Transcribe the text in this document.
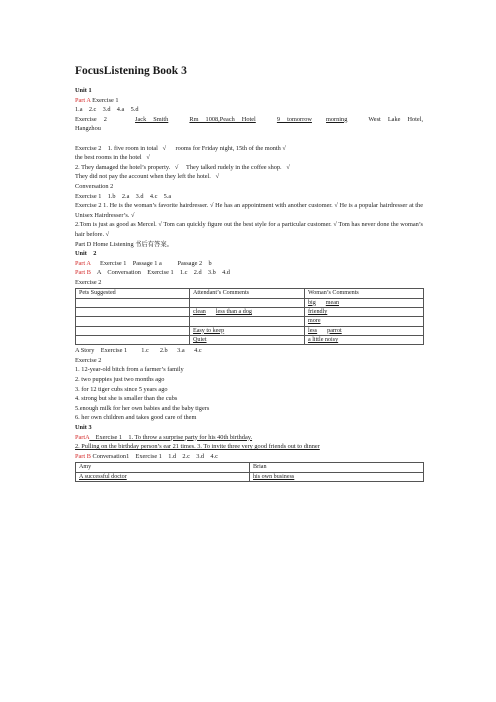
FocusListening Book 3
Unit 1
Part A Exercise 1
1.a    2.c    3.d    4.a    5.d
Exercise 2	Jack Smith	Rm 1008,Peach Hotel	9 tomorrow morning	West Lake Hotel,
Hangzhou

Exercise 2    1. five room in total   √      rooms for Friday night, 15th of the month √
the best rooms in the hotel   √
2. They damaged the hotel’s property.   √     They talked rudely in the coffee shop.   √
They did not pay the account when they left the hotel.   √
Conversation 2
Exercise 1    1.b    2.a    3.d    4.c    5.a
Exercise 2 1. He is the woman’s favorite hairdresser. √ He has an appointment with another customer. √ He is a popular hairdresser at the Unisex Hairdresser’s. √
2.Tom is just as good as Mercel. √ Tom can quickly figure out the best style for a particular customer. √ Tom has never done the woman’s hair before. √
Part D Home Listening 书后有答案。
Unit    2
Part A      Exercise 1    Passage 1 a          Passage 2    b
Part B    A    Conversation    Exercise 1    1.c    2.d    3.b    4.d
Exercise 2
Pets Suggested	Attendant’s Comments	Woman’s Comments
		big mean
	clean less than a dog	friendly
		more
	Easy to keep	less parrot
	Quiet	a little noisy
A Story    Exercise 1         1.c       2.b      3.a      4.c
Exercise 2
1. 12-year-old bitch from a farmer’s family
2. two puppies just two months ago
3. for 12 tiger cubs since 5 years ago
4. strong but she is smaller than the cubs
5.enough milk for her own babies and the baby tigers
6. her own children and takes good care of them
Unit 3
PartA    Exercise 1    1. To throw a surprise party for his 40th birthday.
2. Pulling on the birthday person’s ear 21 times. 3. To invite three very good friends out to dinner
Part B Conversation1    Exercise 1    1.d    2.c    3.d    4.c
Amy	Brian
A successful doctor	his own business
